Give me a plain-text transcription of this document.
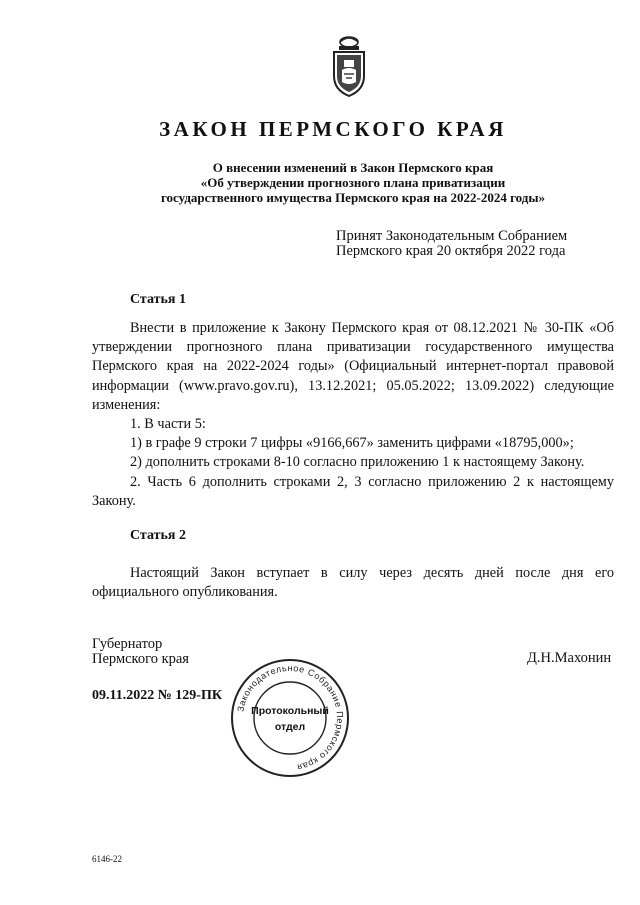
ЗАКОН ПЕРМСКОГО КРАЯ
О внесении изменений в Закон Пермского края
«Об утверждении прогнозного плана приватизации
государственного имущества Пермского края на 2022-2024 годы»
Принят Законодательным Собранием
Пермского края 20 октября 2022 года
Статья 1

Внести в приложение к Закону Пермского края от 08.12.2021 № 30-ПК «Об утверждении прогнозного плана приватизации государственного имущества Пермского края на 2022-2024 годы» (Официальный интернет-портал правовой информации (www.pravo.gov.ru), 13.12.2021; 05.05.2022; 13.09.2022) следующие изменения:

1. В части 5:

1) в графе 9 строки 7 цифры «9166,667» заменить цифрами «18795,000»;

2) дополнить строками 8-10 согласно приложению 1 к настоящему Закону.

2. Часть 6 дополнить строками 2, 3 согласно приложению 2 к настоящему Закону.

Статья 2

Настоящий Закон вступает в силу через десять дней после дня его официального опубликования.

Губернатор
Пермского края	Д.Н.Махонин
09.11.2022 № 129-ПК
Законодательное Собрание Пермского края
Протокольный
отдел
6146-22
